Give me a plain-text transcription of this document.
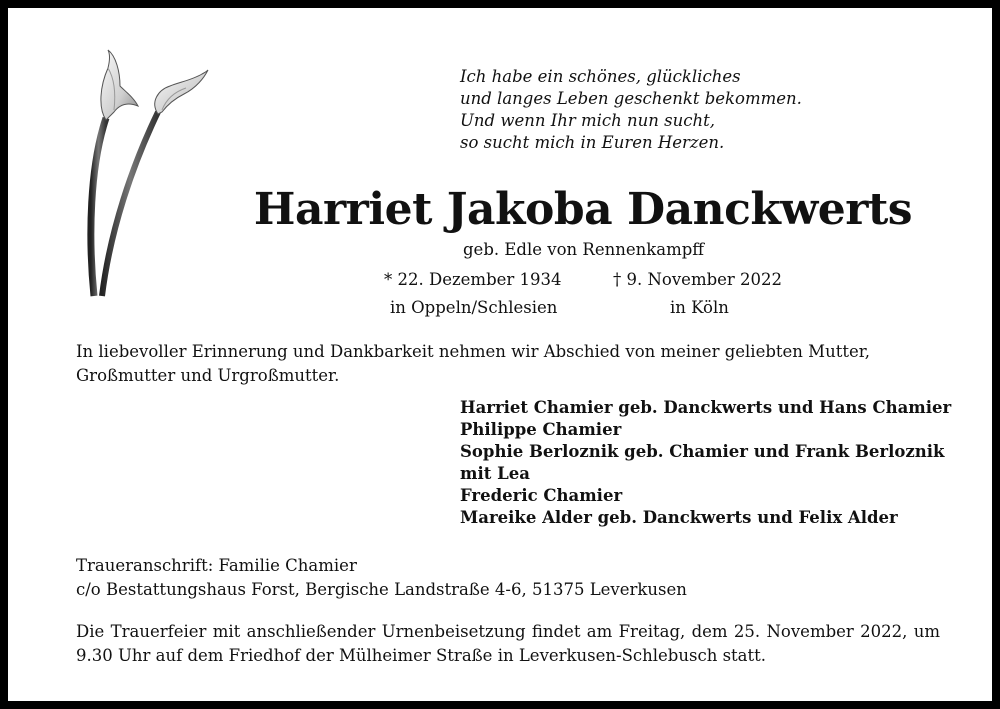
Ich habe ein schönes, glückliches
und langes Leben geschenkt bekommen.
Und wenn Ihr mich nun sucht,
so sucht mich in Euren Herzen.
Harriet Jakoba Danckwerts
geb. Edle von Rennenkampff
* 22. Dezember 1934	† 9. November 2022
in Oppeln/Schlesien	in Köln
In liebevoller Erinnerung und Dankbarkeit nehmen wir Abschied von meiner geliebten Mutter, Großmutter und Urgroßmutter.
Harriet Chamier geb. Danckwerts und Hans Chamier
Philippe Chamier
Sophie Berloznik geb. Chamier und Frank Berloznik
mit Lea
Frederic Chamier
Mareike Alder geb. Danckwerts und Felix Alder
Traueranschrift: Familie Chamier
c/o Bestattungshaus Forst, Bergische Landstraße 4-6, 51375 Leverkusen
Die Trauerfeier mit anschließender Urnenbeisetzung findet am Freitag, dem 25. November 2022, um 9.30 Uhr auf dem Friedhof der Mülheimer Straße in Leverkusen-Schlebusch statt.
